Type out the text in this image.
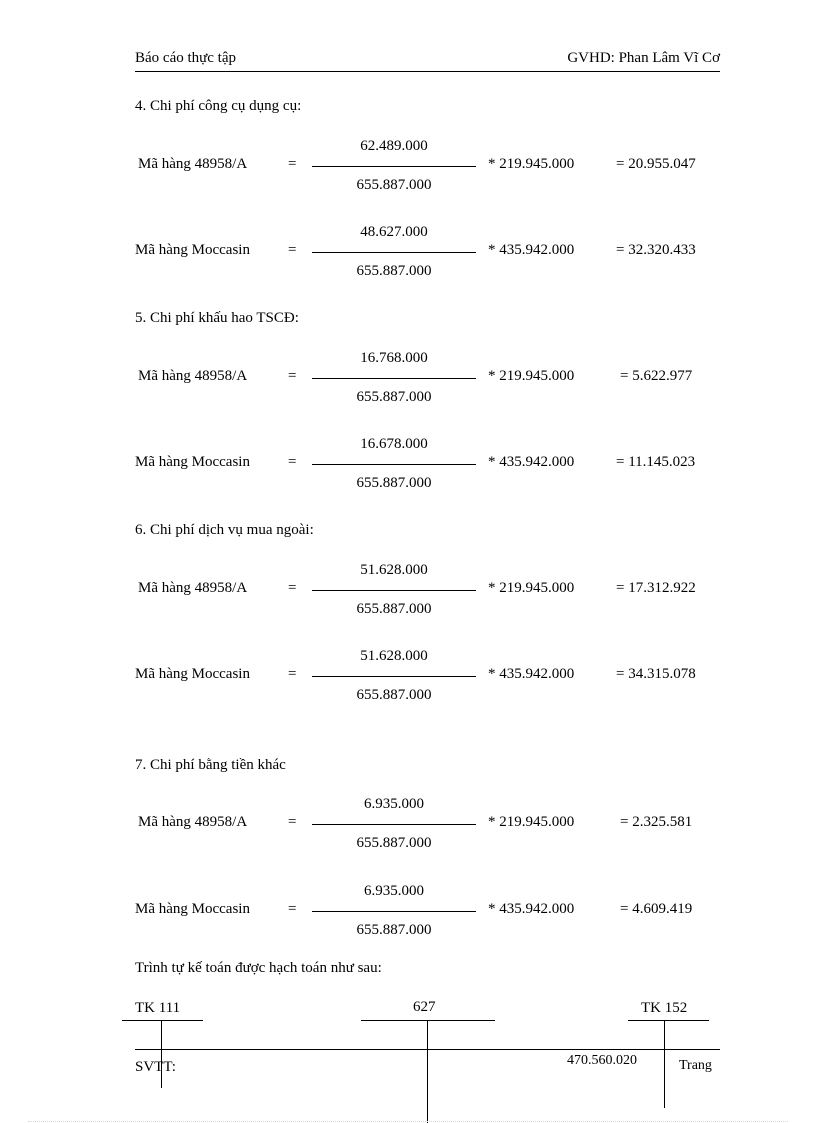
Báo cáo thực tập	GVHD: Phan Lâm Vĩ Cơ
4. Chi phí công cụ dụng cụ:
Mã hàng 48958/A	=
62.489.000
655.887.000
* 219.945.000	= 20.955.047
Mã hàng Moccasin	=
48.627.000
655.887.000
* 435.942.000	= 32.320.433
5. Chi phí khấu hao TSCĐ:
Mã hàng 48958/A	=
16.768.000
655.887.000
* 219.945.000	= 5.622.977
Mã hàng Moccasin	=
16.678.000
655.887.000
* 435.942.000	= 11.145.023
6. Chi phí dịch vụ mua ngoài:
Mã hàng 48958/A	=
51.628.000
655.887.000
* 219.945.000	= 17.312.922
Mã hàng Moccasin	=
51.628.000
655.887.000
* 435.942.000	= 34.315.078
7. Chi phí bằng tiền khác
Mã hàng 48958/A	=
6.935.000
655.887.000
* 219.945.000	= 2.325.581
Mã hàng Moccasin	=
6.935.000
655.887.000
* 435.942.000	= 4.609.419
Trình tự kế toán được hạch toán như sau:
TK 111	627	TK 152
SVTT:	470.560.020	Trang
